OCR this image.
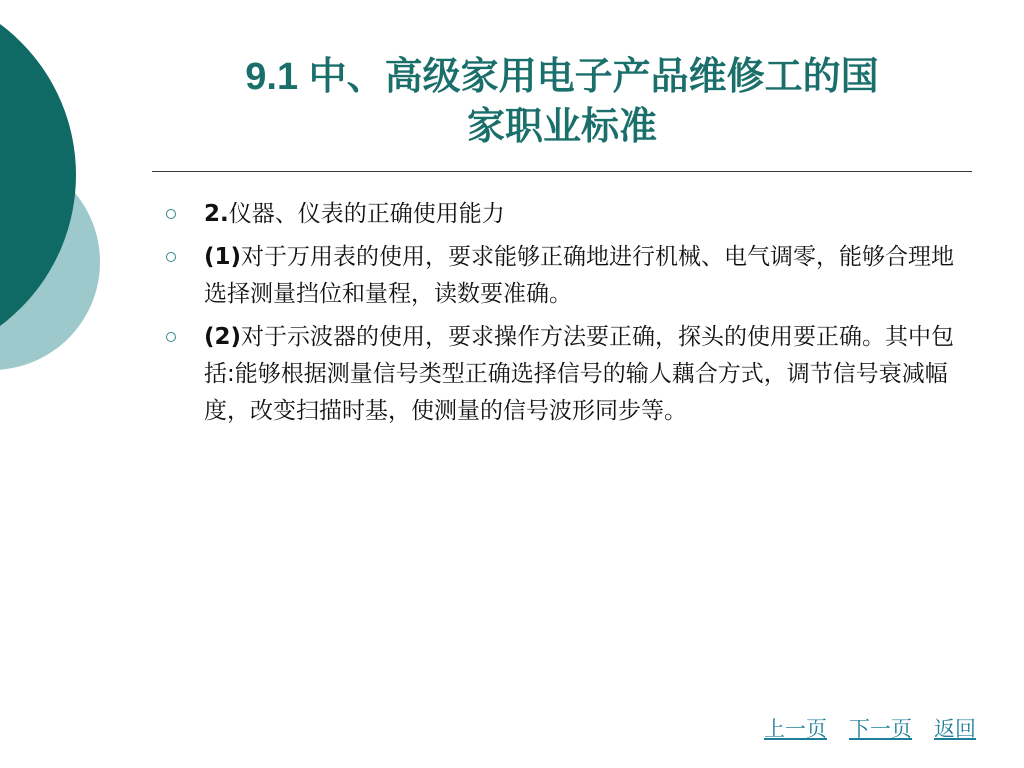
9.1 中、高级家用电子产品维修工的国
家职业标准
2.仪器、仪表的正确使用能力
(1)对于万用表的使用，要求能够正确地进行机械、电气调零，能够合理地选择测量挡位和量程，读数要准确。
(2)对于示波器的使用，要求操作方法要正确，探头的使用要正确。其中包括:能够根据测量信号类型正确选择信号的输人藕合方式，调节信号衰减幅度，改变扫描时基，使测量的信号波形同步等。
上一页 下一页 返回
